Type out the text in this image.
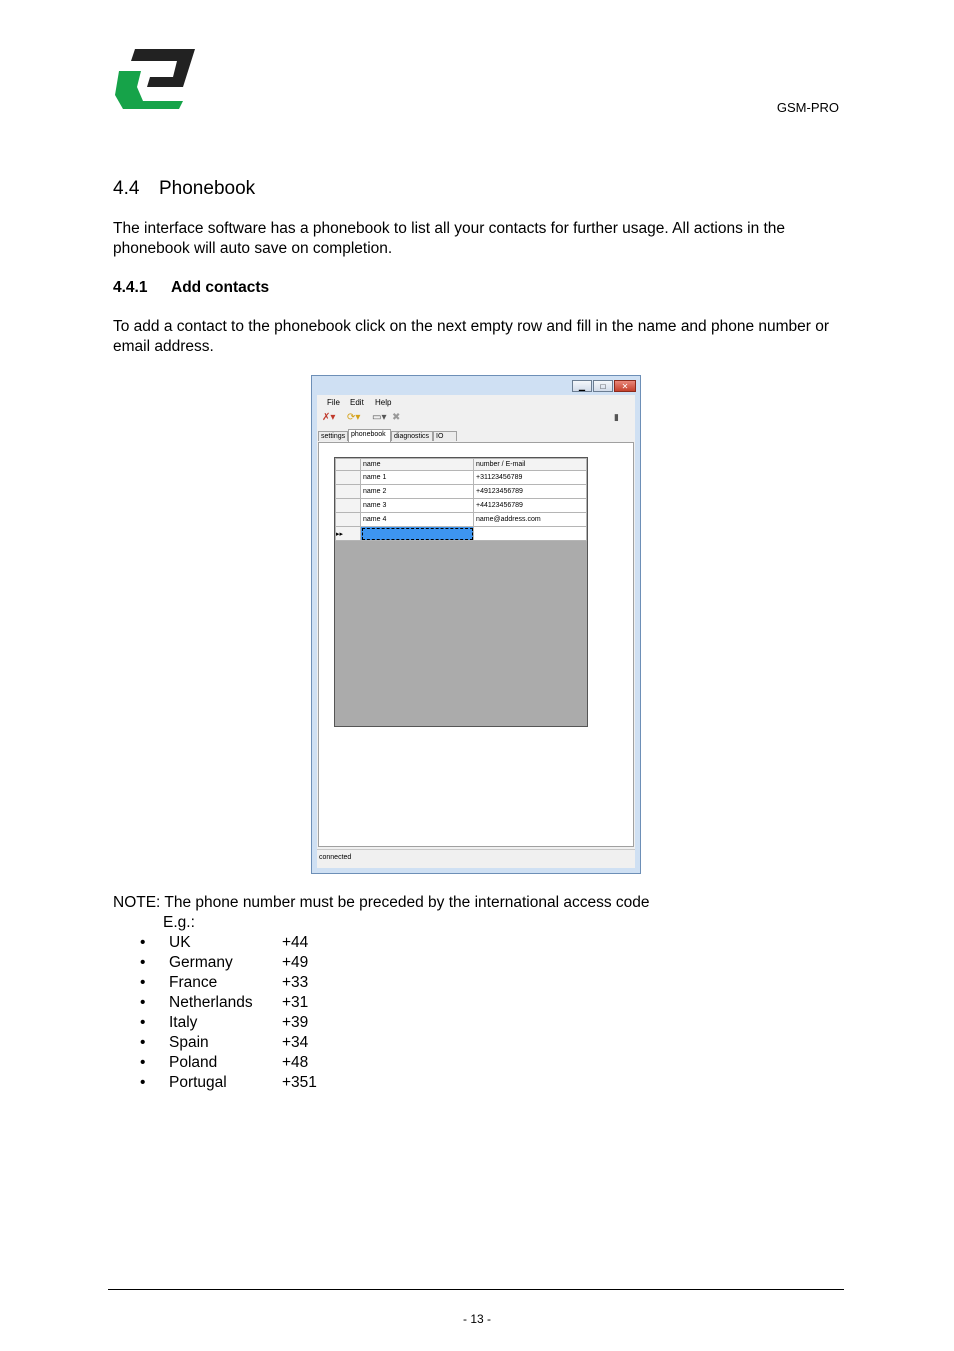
GSM-PRO
4.4 Phonebook
The interface software has a phonebook to list all your contacts for further usage. All actions in the phonebook will auto save on completion.
4.4.1 Add contacts
To add a contact to the phonebook click on the next empty row and fill in the name and phone number or email address.
▁	□	✕
File Edit Help
✗▾ ⟳▾ ▭▾ ✖	▮
settings phonebook	diagnostics IO
	name	number / E-mail
	name 1	+31123456789
	name 2	+49123456789
	name 3	+44123456789
	name 4	name@address.com
▸▸		
connected
NOTE: The phone number must be preceded by the international access code
E.g.:
• UK	+44
• Germany	+49
• France	+33
• Netherlands +31
• Italy	+39
• Spain	+34
• Poland	+48
• Portugal	+351
- 13 -
